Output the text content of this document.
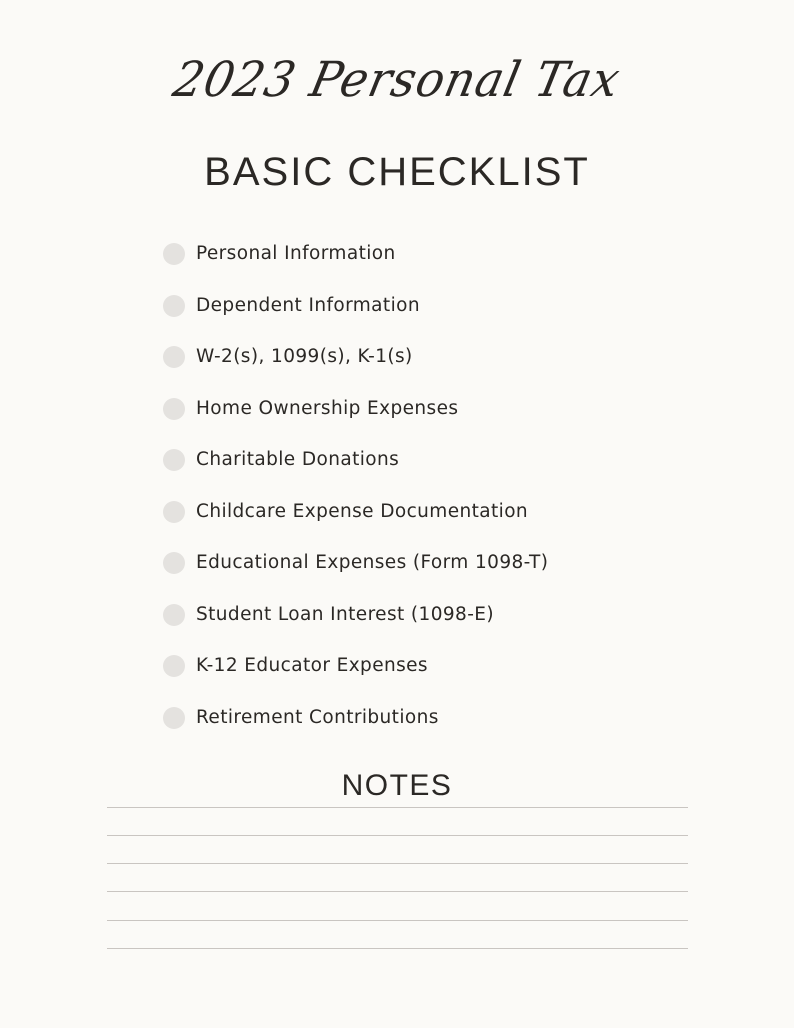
2023 Personal Tax
BASIC CHECKLIST
Personal Information
Dependent Information
W-2(s), 1099(s), K-1(s)
Home Ownership Expenses
Charitable Donations
Childcare Expense Documentation
Educational Expenses (Form 1098-T)
Student Loan Interest (1098-E)
K-12 Educator Expenses
Retirement Contributions
NOTES
